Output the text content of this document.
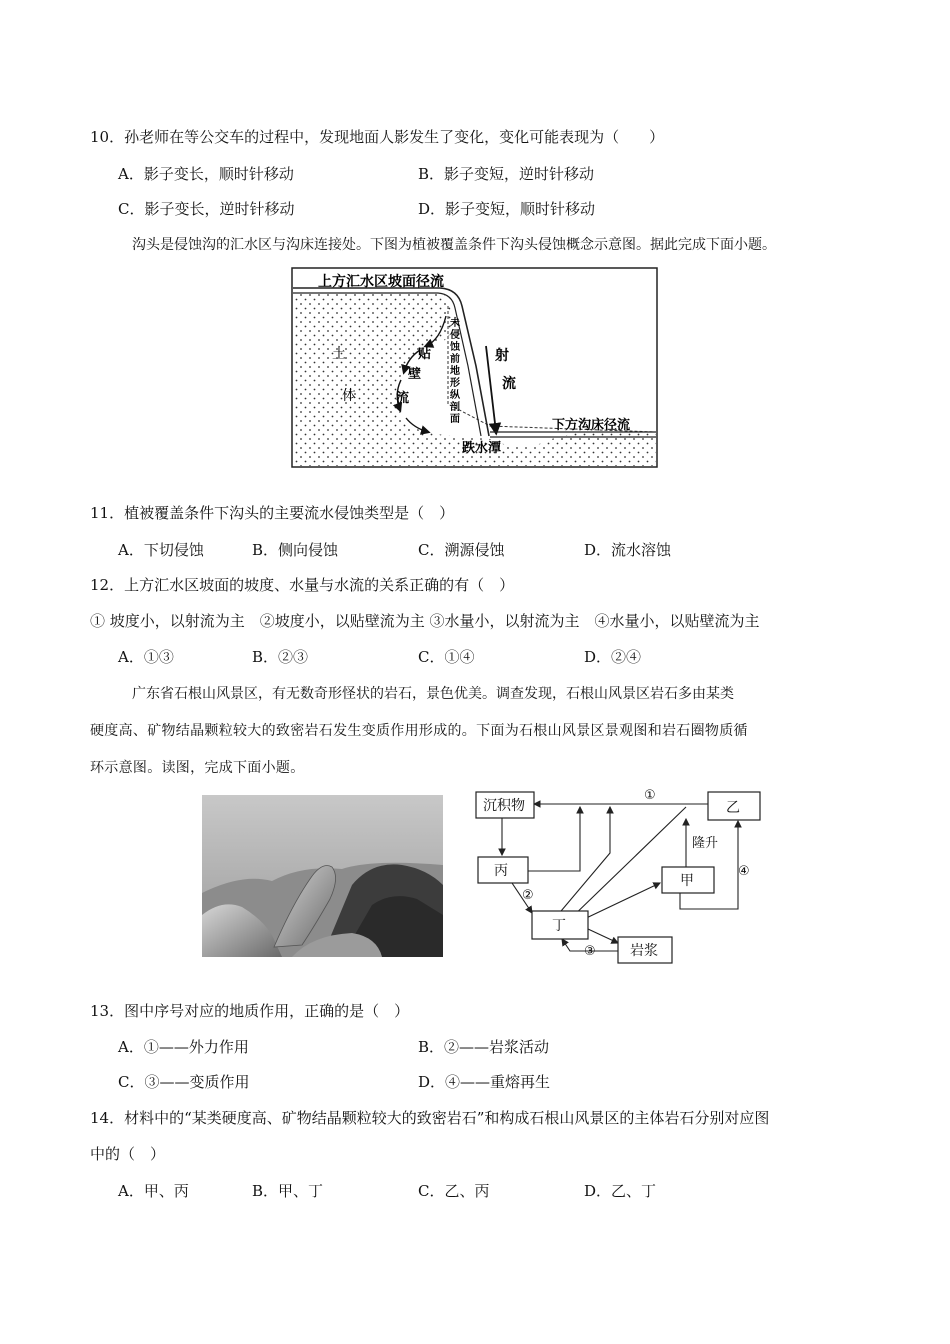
10．孙老师在等公交车的过程中，发现地面人影发生了变化，变化可能表现为（　　）
A．影子变长，顺时针移动	B．影子变短，逆时针移动
C．影子变长，逆时针移动	D．影子变短，顺时针移动
沟头是侵蚀沟的汇水区与沟床连接处。下图为植被覆盖条件下沟头侵蚀概念示意图。据此完成下面小题。
上方汇水区坡面径流
土
体
贴
壁
流
未
侵
蚀
前
地
形
纵
剖
面
射
流
下方沟床径流
跌水潭
11．植被覆盖条件下沟头的主要流水侵蚀类型是（　）
A．下切侵蚀	B．侧向侵蚀	C．溯源侵蚀	D．流水溶蚀
12．上方汇水区坡面的坡度、水量与水流的关系正确的有（　）
① 坡度小，以射流为主　②坡度小，以贴壁流为主 ③水量小，以射流为主　④水量小，以贴壁流为主
A．①③	B．②③	C．①④	D．②④
广东省石根山风景区，有无数奇形怪状的岩石，景色优美。调查发现，石根山风景区岩石多由某类
硬度高、矿物结晶颗粒较大的致密岩石发生变质作用形成的。下面为石根山风景区景观图和岩石圈物质循
环示意图。读图，完成下面小题。
沉积物	乙
丙
甲
丁
岩浆
隆升
①
②
③
④
13．图中序号对应的地质作用，正确的是（　）
A．①——外力作用	B．②——岩浆活动
C．③——变质作用	D．④——重熔再生
14．材料中的“某类硬度高、矿物结晶颗粒较大的致密岩石”和构成石根山风景区的主体岩石分别对应图
中的（　）
A．甲、丙	B．甲、丁	C．乙、丙	D．乙、丁
